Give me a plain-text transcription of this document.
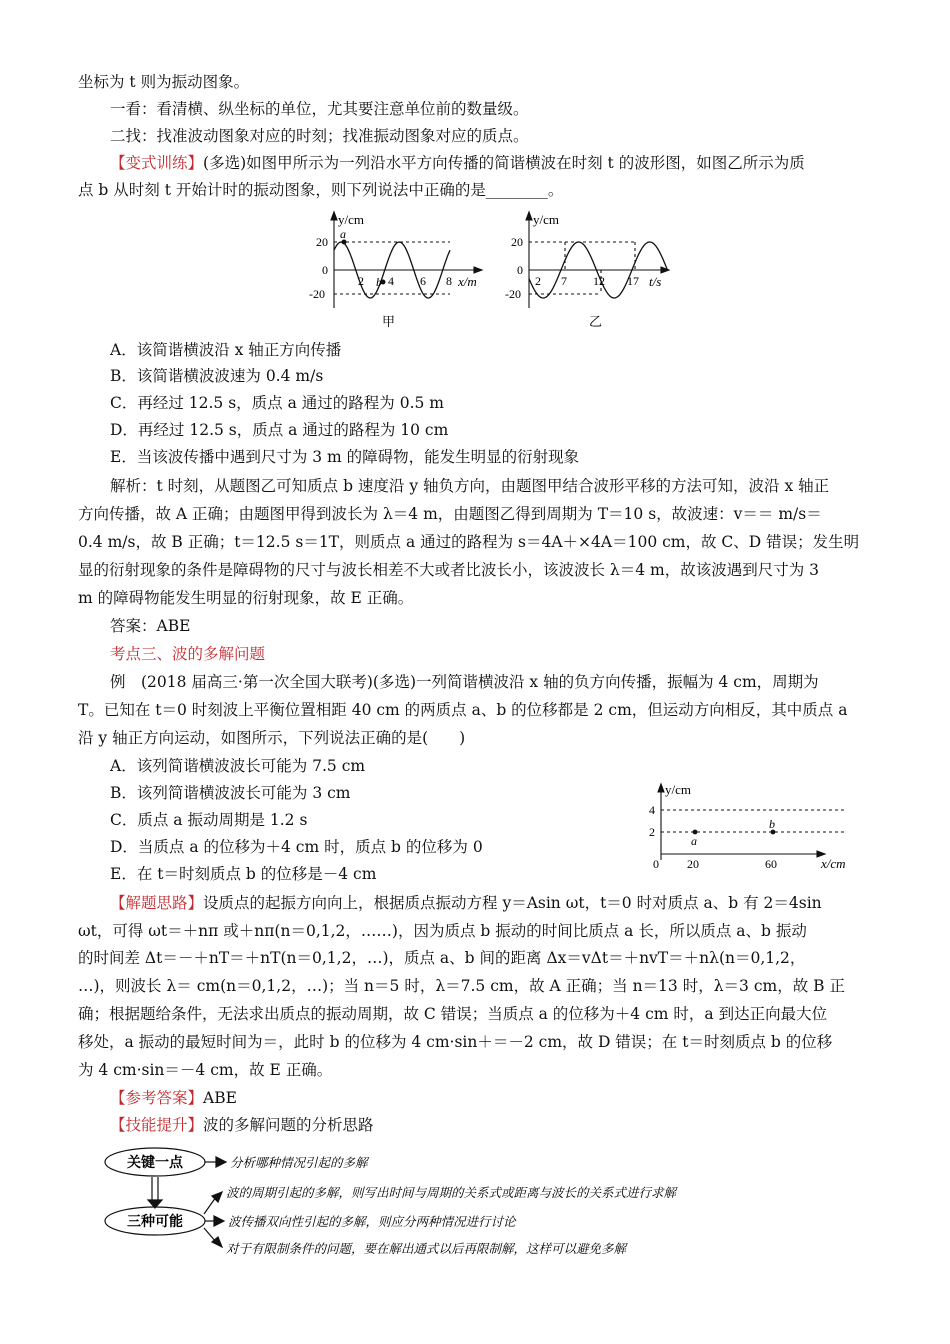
坐标为 t 则为振动图象。
一看：看清横、纵坐标的单位，尤其要注意单位前的数量级。
二找：找准波动图象对应的时刻；找准振动图象对应的质点。
【变式训练】(多选)如图甲所示为一列沿水平方向传播的简谐横波在时刻 t 的波形图，如图乙所示为质
点 b 从时刻 t 开始计时的振动图象，则下列说法中正确的是________。
y/cm
20
0
-20
2 4 6 8 x/m
a
b
甲
y/cm
20
0
-20
2 7 12 17 t/s
乙
A．该简谐横波沿 x 轴正方向传播
B．该简谐横波波速为 0.4 m/s
C．再经过 12.5 s，质点 a 通过的路程为 0.5 m
D．再经过 12.5 s，质点 a 通过的路程为 10 cm
E．当该波传播中遇到尺寸为 3 m 的障碍物，能发生明显的衍射现象
解析：t 时刻，从题图乙可知质点 b 速度沿 y 轴负方向，由题图甲结合波形平移的方法可知，波沿 x 轴正
方向传播，故 A 正确；由题图甲得到波长为 λ＝4 m，由题图乙得到周期为 T＝10 s，故波速：v＝＝ m/s＝
0.4 m/s，故 B 正确；t＝12.5 s＝1T，则质点 a 通过的路程为 s＝4A＋×4A＝100 cm，故 C、D 错误；发生明
显的衍射现象的条件是障碍物的尺寸与波长相差不大或者比波长小，该波波长 λ＝4 m，故该波遇到尺寸为 3
m 的障碍物能发生明显的衍射现象，故 E 正确。
答案：ABE
考点三、波的多解问题
例　(2018 届高三·第一次全国大联考)(多选)一列简谐横波沿 x 轴的负方向传播，振幅为 4 cm，周期为
T。已知在 t＝0 时刻波上平衡位置相距 40 cm 的两质点 a、b 的位移都是 2 cm，但运动方向相反，其中质点 a
沿 y 轴正方向运动，如图所示，下列说法正确的是(　　)
A．该列简谐横波波长可能为 7.5 cm
B．该列简谐横波波长可能为 3 cm
C．质点 a 振动周期是 1.2 s
D．当质点 a 的位移为＋4 cm 时，质点 b 的位移为 0
E．在 t＝时刻质点 b 的位移是－4 cm
y/cm
4
2
0 20	60	x/cm
a
b
【解题思路】设质点的起振方向向上，根据质点振动方程 y＝Asin ωt，t＝0 时对质点 a、b 有 2＝4sin
ωt，可得 ωt＝＋nπ 或＋nπ(n＝0,1,2，……)，因为质点 b 振动的时间比质点 a 长，所以质点 a、b 振动
的时间差 Δt＝－＋nT＝＋nT(n＝0,1,2，…)，质点 a、b 间的距离 Δx＝vΔt＝＋nvT＝＋nλ(n＝0,1,2，
…)，则波长 λ＝ cm(n＝0,1,2，…)；当 n＝5 时，λ＝7.5 cm，故 A 正确；当 n＝13 时，λ＝3 cm，故 B 正
确；根据题给条件，无法求出质点的振动周期，故 C 错误；当质点 a 的位移为＋4 cm 时，a 到达正向最大位
移处，a 振动的最短时间为＝，此时 b 的位移为 4 cm·sin＋＝－2 cm，故 D 错误；在 t＝时刻质点 b 的位移
为 4 cm·sin＝－4 cm，故 E 正确。
【参考答案】ABE
【技能提升】波的多解问题的分析思路
关键一点
三种可能
分析哪种情况引起的多解
波的周期引起的多解，则写出时间与周期的关系式或距离与波长的关系式进行求解
波传播双向性引起的多解，则应分两种情况进行讨论
对于有限制条件的问题，要在解出通式以后再限制解，这样可以避免多解
